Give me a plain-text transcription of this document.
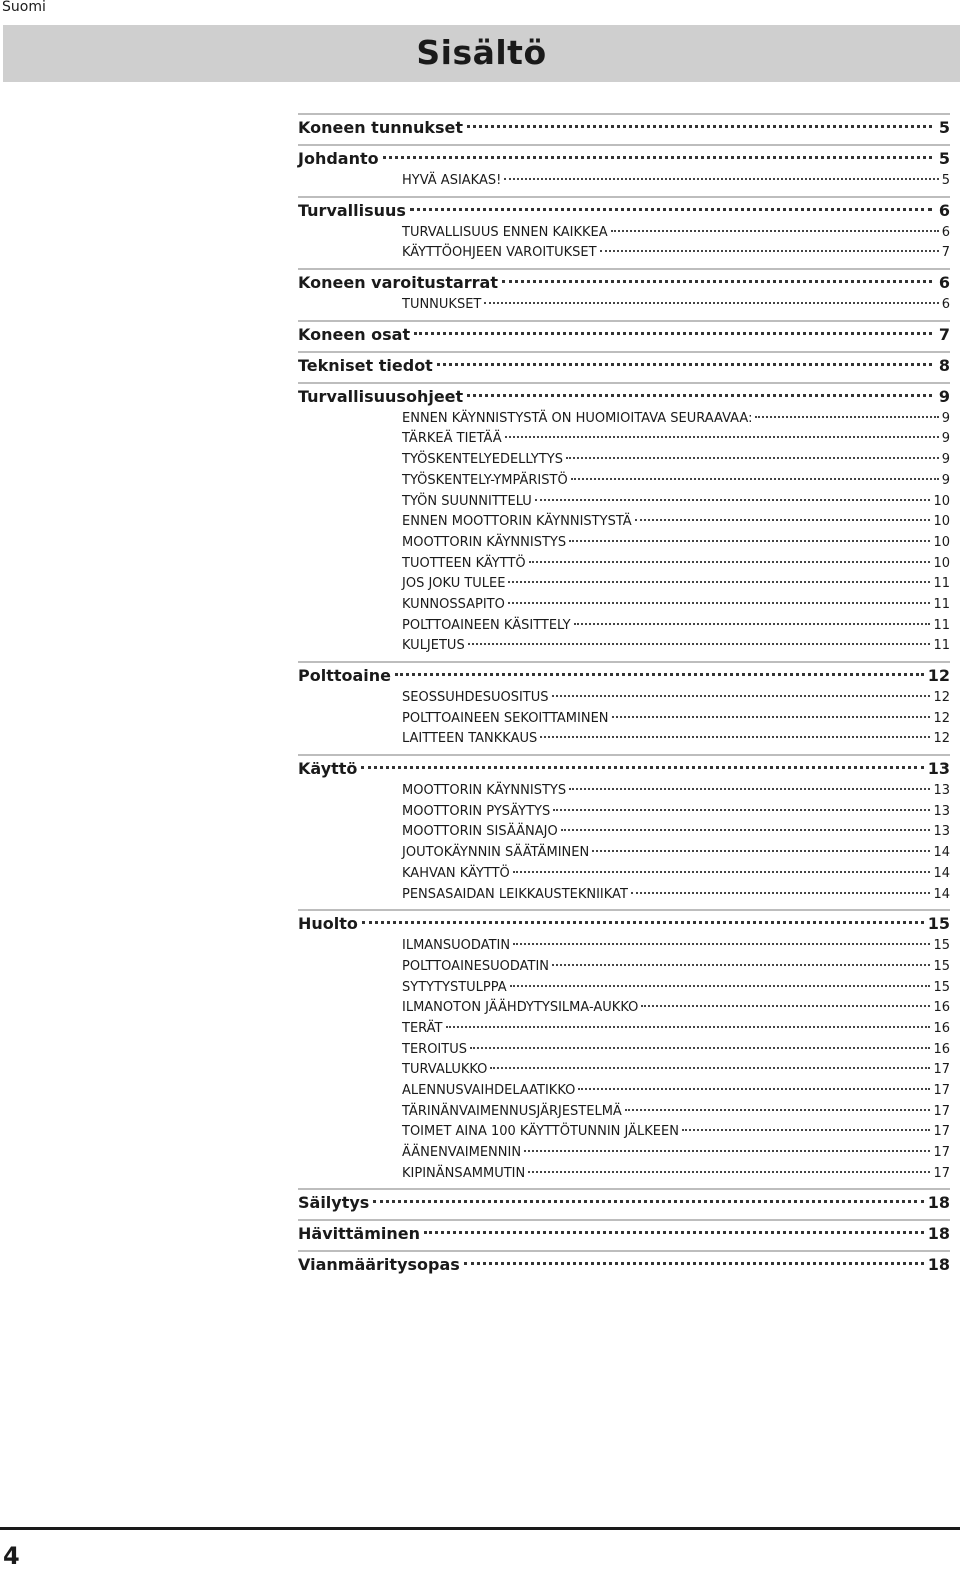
Suomi
Sisältö
Koneen tunnukset	5
Johdanto	5
HYVÄ ASIAKAS!	5
Turvallisuus	6
TURVALLISUUS ENNEN KAIKKEA	6
KÄYTTÖOHJEEN VAROITUKSET	7
Koneen varoitustarrat	6
TUNNUKSET	6
Koneen osat	7
Tekniset tiedot	8
Turvallisuusohjeet	9
ENNEN KÄYNNISTYSTÄ ON HUOMIOITAVA SEURAAVAA:	9
TÄRKEÄ TIETÄÄ	9
TYÖSKENTELYEDELLYTYS	9
TYÖSKENTELY-YMPÄRISTÖ	9
TYÖN SUUNNITTELU	10
ENNEN MOOTTORIN KÄYNNISTYSTÄ	10
MOOTTORIN KÄYNNISTYS	10
TUOTTEEN KÄYTTÖ	10
JOS JOKU TULEE	11
KUNNOSSAPITO	11
POLTTOAINEEN KÄSITTELY	11
KULJETUS	11
Polttoaine	12
SEOSSUHDESUOSITUS	12
POLTTOAINEEN SEKOITTAMINEN	12
LAITTEEN TANKKAUS	12
Käyttö	13
MOOTTORIN KÄYNNISTYS	13
MOOTTORIN PYSÄYTYS	13
MOOTTORIN SISÄÄNAJO	13
JOUTOKÄYNNIN SÄÄTÄMINEN	14
KAHVAN KÄYTTÖ	14
PENSASAIDAN LEIKKAUSTEKNIIKAT	14
Huolto	15
ILMANSUODATIN	15
POLTTOAINESUODATIN	15
SYTYTYSTULPPA	15
ILMANOTON JÄÄHDYTYSILMA-AUKKO	16
TERÄT	16
TEROITUS	16
TURVALUKKO	17
ALENNUSVAIHDELAATIKKO	17
TÄRINÄNVAIMENNUSJÄRJESTELMÄ	17
TOIMET AINA 100 KÄYTTÖTUNNIN JÄLKEEN	17
ÄÄNENVAIMENNIN	17
KIPINÄNSAMMUTIN	17
Säilytys	18
Hävittäminen	18
Vianmääritysopas	18
4
